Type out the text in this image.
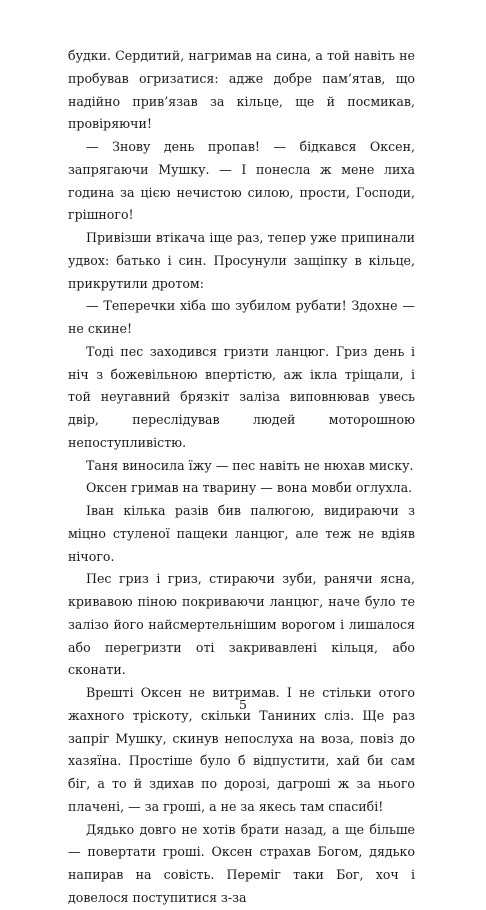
будки. Сердитий, нагримав на сина, а той навіть не пробував огризатися: адже добре пам’ятав, що надійно прив’язав за кільце, ще й посмикав, провіряючи!

— Знову день пропав! — бідкався Оксен, запрягаючи Мушку. — І понесла ж мене лиха година за цією нечистою силою, прости, Господи, грішного!

Привізши втікача іще раз, тепер уже припинали удвох: батько і син. Просунули защіпку в кільце, прикрутили дротом:

— Теперечки хіба шо зубилом рубати! Здохне — не скине!

Тоді пес заходився гризти ланцюг. Гриз день і ніч з божевільною впертістю, аж ікла тріщали, і той неугавний брязкіт заліза виповнював увесь двір, переслідував людей моторошною непоступливістю.

Таня виносила їжу — пес навіть не нюхав миску.

Оксен гримав на тварину — вона мовби оглухла.

Іван кілька разів бив палюгою, видираючи з міцно стуленої пащеки ланцюг, але теж не вдіяв нічого.

Пес гриз і гриз, стираючи зуби, ранячи ясна, кривавою піною покриваючи ланцюг, наче було те залізо його найсмертельнішим ворогом і лишалося або перегризти оті закривавлені кільця, або сконати.

Врешті Оксен не витримав. І не стільки отого жахного тріскоту, скільки Таниних сліз. Ще раз запріг Мушку, скинув непослуха на воза, повіз до хазяїна. Простіше було б відпустити, хай би сам біг, а то й здихав по дорозі, дагроші ж за нього плачені, — за гроші, а не за якесь там спасибі!

Дядько довго не хотів брати назад, а ще більше — повертати гроші. Оксен страхав Богом, дядько напирав на совість. Переміг таки Бог, хоч і довелося поступитися з-за

5
